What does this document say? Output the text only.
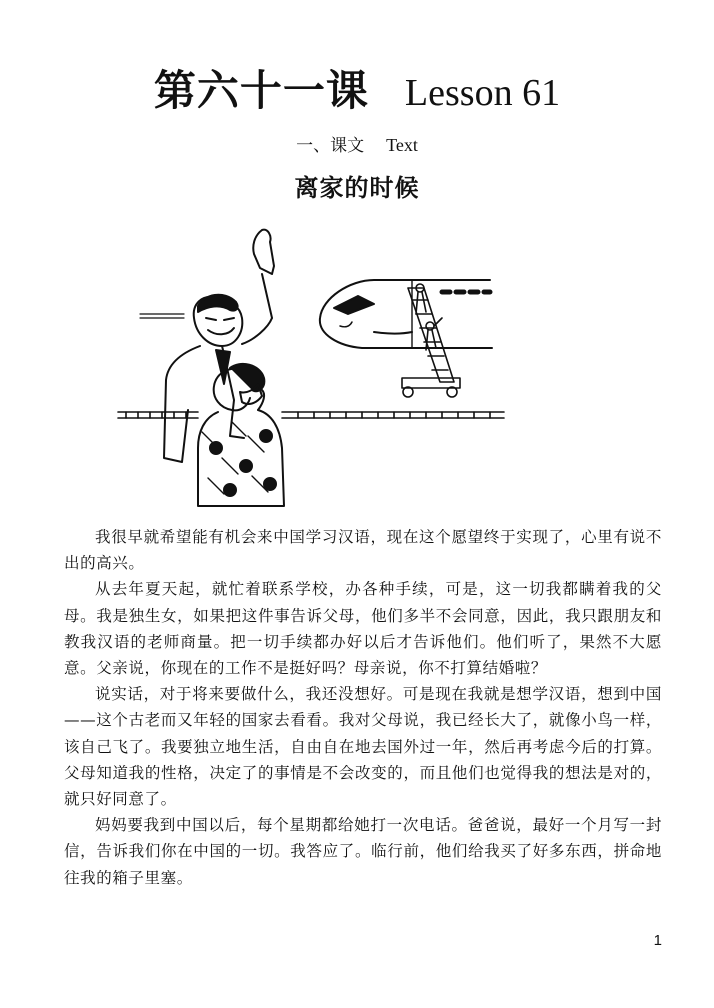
第六十一课 Lesson 61
一、课文 Text
离家的时候

我很早就希望能有机会来中国学习汉语，现在这个愿望终于实现了，心里有说不出的高兴。

从去年夏天起，就忙着联系学校，办各种手续，可是，这一切我都瞒着我的父母。我是独生女，如果把这件事告诉父母，他们多半不会同意，因此，我只跟朋友和教我汉语的老师商量。把一切手续都办好以后才告诉他们。他们听了，果然不大愿意。父亲说，你现在的工作不是挺好吗？母亲说，你不打算结婚啦？

说实话，对于将来要做什么，我还没想好。可是现在我就是想学汉语，想到中国——这个古老而又年轻的国家去看看。我对父母说，我已经长大了，就像小鸟一样，该自己飞了。我要独立地生活，自由自在地去国外过一年，然后再考虑今后的打算。父母知道我的性格，决定了的事情是不会改变的，而且他们也觉得我的想法是对的，就只好同意了。

妈妈要我到中国以后，每个星期都给她打一次电话。爸爸说，最好一个月写一封信，告诉我们你在中国的一切。我答应了。临行前，他们给我买了好多东西，拼命地往我的箱子里塞。

1
